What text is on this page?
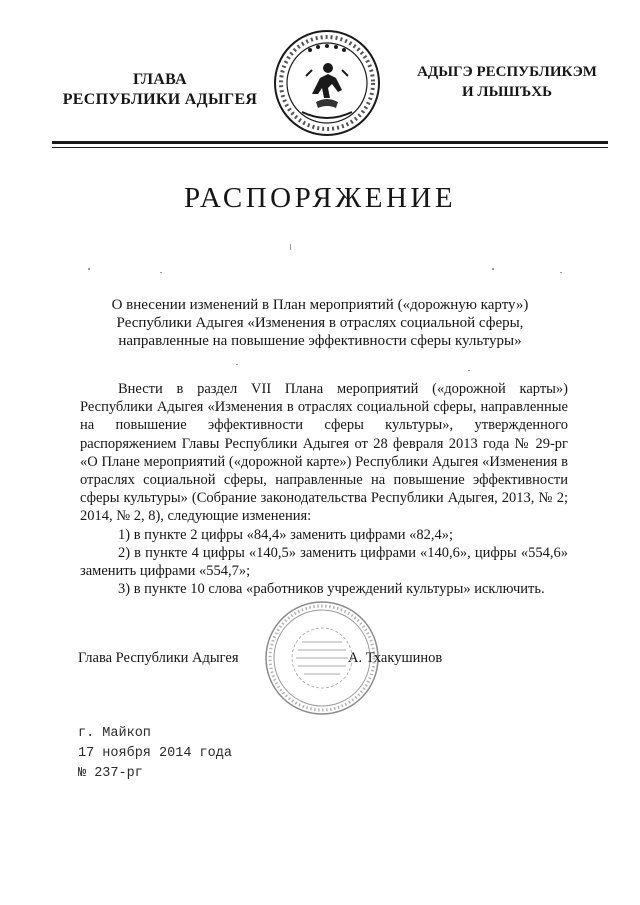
ГЛАВА
РЕСПУБЛИКИ АДЫГЕЯ
АДЫГЭ РЕСПУБЛИКЭМ
И ЛЫШЪХЬ
РАСПОРЯЖЕНИЕ
О внесении изменений в План мероприятий («дорожную карту»)
Республики Адыгея «Изменения в отраслях социальной сферы,
направленные на повышение эффективности сферы культуры»

Внести в раздел VII Плана мероприятий («дорожной карты») Республики Адыгея «Изменения в отраслях социальной сферы, направленные на повышение эффективности сферы культуры», утвержденного распоряжением Главы Республики Адыгея от 28 февраля 2013 года № 29-рг «О Плане мероприятий («дорожной карте») Республики Адыгея «Изменения в отраслях социальной сферы, направленные на повышение эффективности сферы культуры» (Собрание законодательства Республики Адыгея, 2013, № 2; 2014, № 2, 8), следующие изменения:

1) в пункте 2 цифры «84,4» заменить цифрами «82,4»;

2) в пункте 4 цифры «140,5» заменить цифрами «140,6», цифры «554,6» заменить цифрами «554,7»;

3) в пункте 10 слова «работников учреждений культуры» исключить.

Глава Республики Адыгея	А. Тхакушинов
г. Майкоп
17 ноября 2014 года
№ 237-рг
